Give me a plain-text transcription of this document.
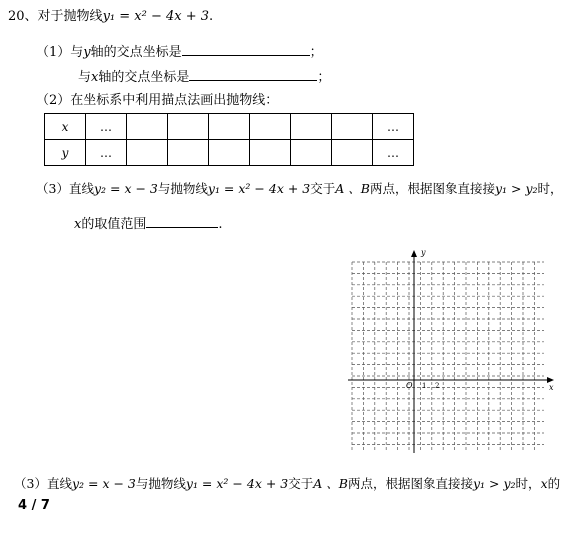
20、对于抛物线y₁ = x² − 4x + 3.
（1）与y轴的交点坐标是	；
与x轴的交点坐标是	；
（2）在坐标系中利用描点法画出抛物线：
x	…							…
y	…							…
（3）直线y₂ = x − 3与抛物线y₁ = x² − 4x + 3交于A 、B两点，根据图象直接接y₁ > y₂时，
x的取值范围	.
y
x
O 1 2
（3）直线y₂ = x − 3与抛物线y₁ = x² − 4x + 3交于A 、B两点，根据图象直接接y₁ > y₂时，x的
4 / 7
